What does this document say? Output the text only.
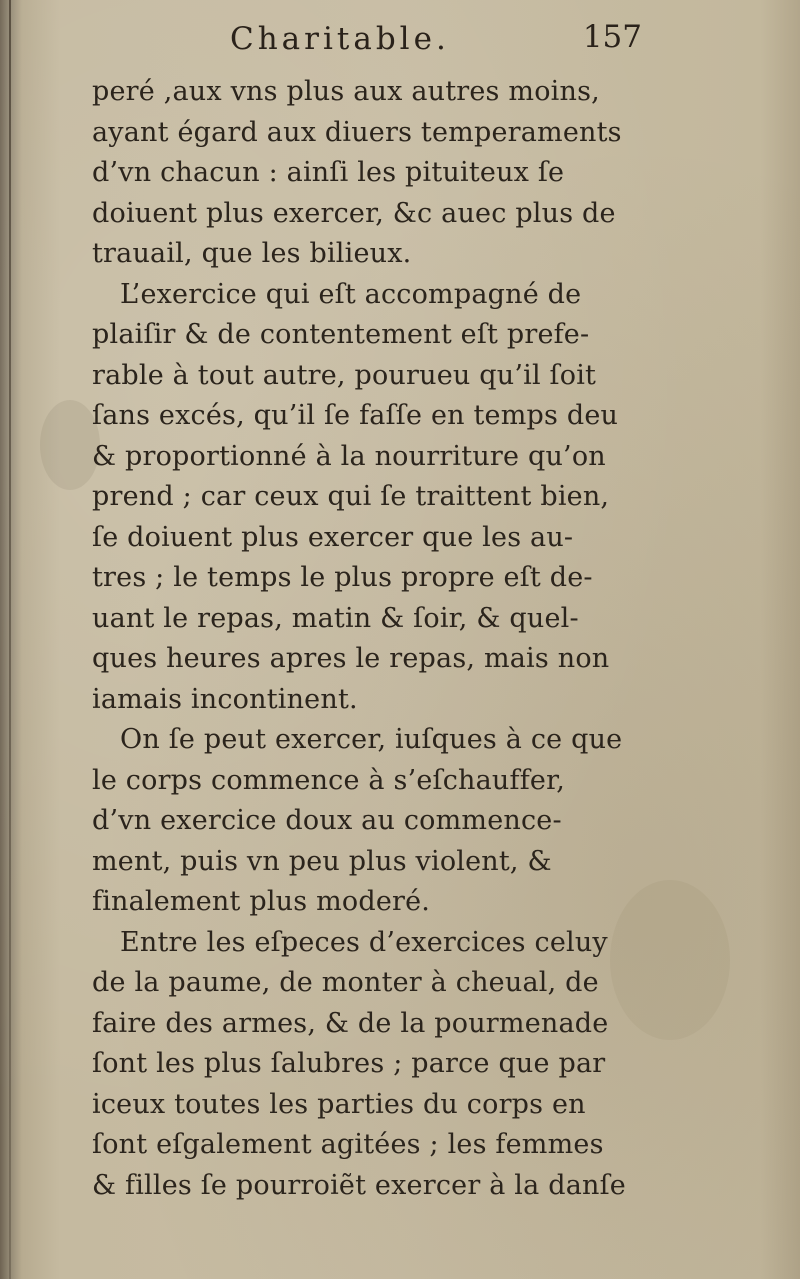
Charitable.	157
peré ,aux vns plus aux autres moins,
ayant égard aux diuers temperaments
d’vn chacun : ainſi les pituiteux ſe
doiuent plus exercer, &c auec plus de
trauail, que les bilieux.
L’exercice qui eſt accompagné de
plaiſir & de contentement eſt prefe-
rable à tout autre, pourueu qu’il ſoit
ſans excés, qu’il ſe faſſe en temps deu
& proportionné à la nourriture qu’on
prend ; car ceux qui ſe traittent bien,
ſe doiuent plus exercer que les au-
tres ; le temps le plus propre eſt de-
uant le repas, matin & ſoir, & quel-
ques heures apres le repas, mais non
iamais incontinent.
On ſe peut exercer, iuſques à ce que
le corps commence à s’eſchauffer,
d’vn exercice doux au commence-
ment, puis vn peu plus violent, &
finalement plus moderé.
Entre les eſpeces d’exercices celuy
de la paume, de monter à cheual, de
faire des armes, & de la pourmenade
ſont les plus ſalubres ; parce que par
iceux toutes les parties du corps en
ſont eſgalement agitées ; les femmes
& filles ſe pourroiẽt exercer à la danſe
